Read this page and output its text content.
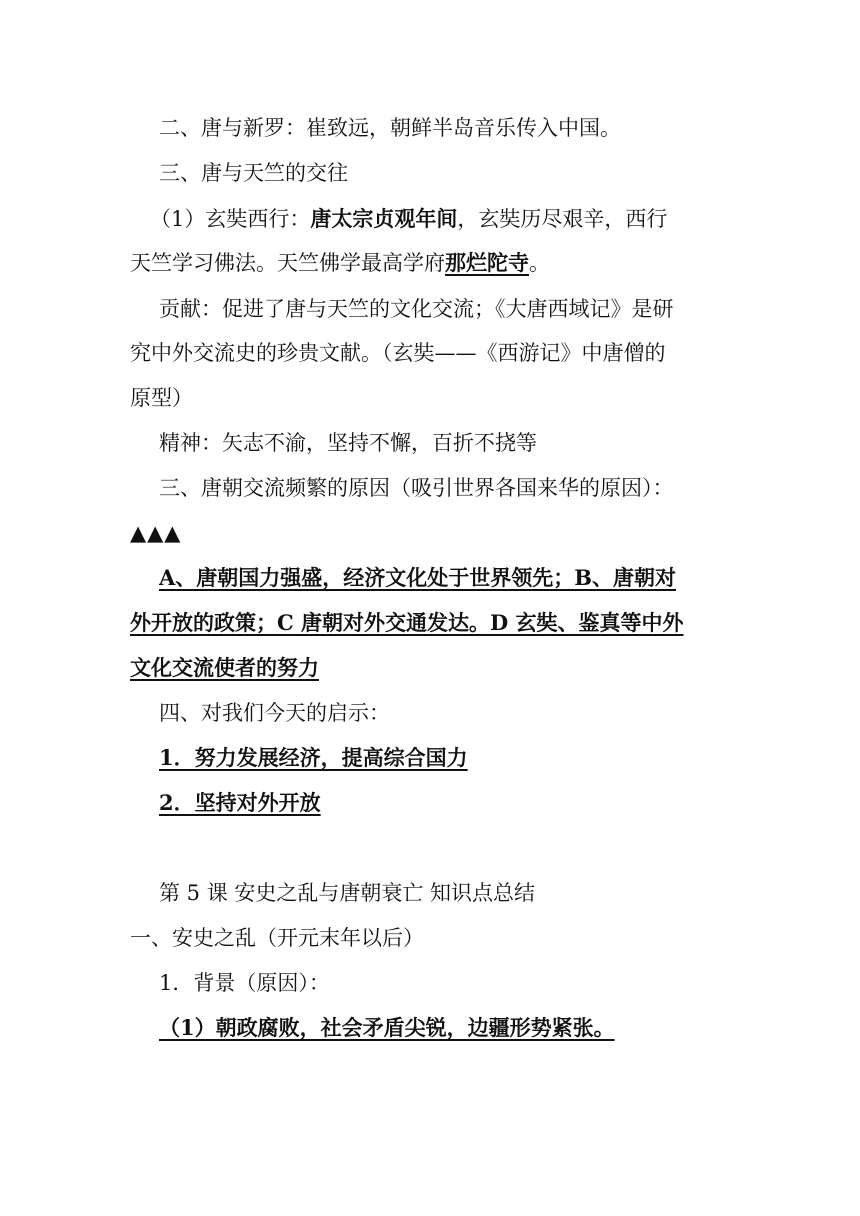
二、唐与新罗：崔致远，朝鲜半岛音乐传入中国。
三、唐与天竺的交往
（1）玄奘西行：唐太宗贞观年间，玄奘历尽艰辛，西行
天竺学习佛法。天竺佛学最高学府那烂陀寺。
贡献：促进了唐与天竺的文化交流；《大唐西域记》是研
究中外交流史的珍贵文献。（玄奘——《西游记》中唐僧的
原型）
精神：矢志不渝，坚持不懈，百折不挠等
三、唐朝交流频繁的原因（吸引世界各国来华的原因）：
▲▲▲
A、唐朝国力强盛，经济文化处于世界领先；B、唐朝对
外开放的政策；C 唐朝对外交通发达。D 玄奘、鉴真等中外
文化交流使者的努力
四、对我们今天的启示：
1．努力发展经济，提高综合国力
2．坚持对外开放
第 5 课 安史之乱与唐朝衰亡 知识点总结
一、安史之乱（开元末年以后）
1．背景（原因）：
（1）朝政腐败，社会矛盾尖锐，边疆形势紧张。
